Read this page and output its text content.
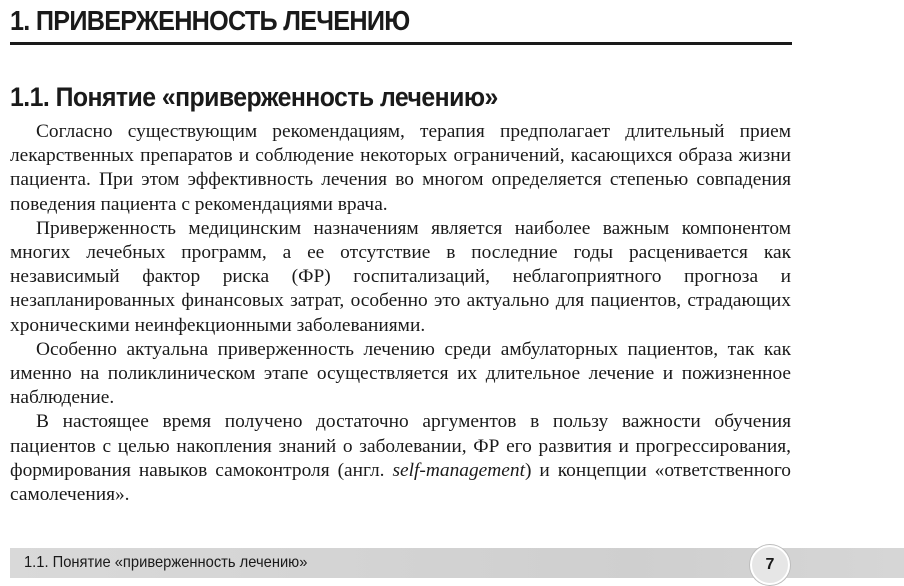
1. ПРИВЕРЖЕННОСТЬ ЛЕЧЕНИЮ
1.1. Понятие «приверженность лечению»

Согласно существующим рекомендациям, терапия предполагает длительный прием лекарственных препаратов и соблюдение некоторых ограничений, касающихся образа жизни пациента. При этом эффективность лечения во многом определяется степенью совпадения поведения пациента с рекомендациями врача.

Приверженность медицинским назначениям является наиболее важным компонентом многих лечебных программ, а ее отсутствие в последние годы расценивается как независимый фактор риска (ФР) госпитализаций, неблагоприятного прогноза и незапланированных финансовых затрат, особенно это актуально для пациентов, страдающих хроническими неинфекционными заболеваниями.

Особенно актуальна приверженность лечению среди амбулаторных пациентов, так как именно на поликлиническом этапе осуществляется их длительное лечение и пожизненное наблюдение.

В настоящее время получено достаточно аргументов в пользу важности обучения пациентов с целью накопления знаний о заболевании, ФР его развития и прогрессирования, формирования навыков самоконтроля (англ. self-management) и концепции «ответственного самолечения».

1.1. Понятие «приверженность лечению»	7
